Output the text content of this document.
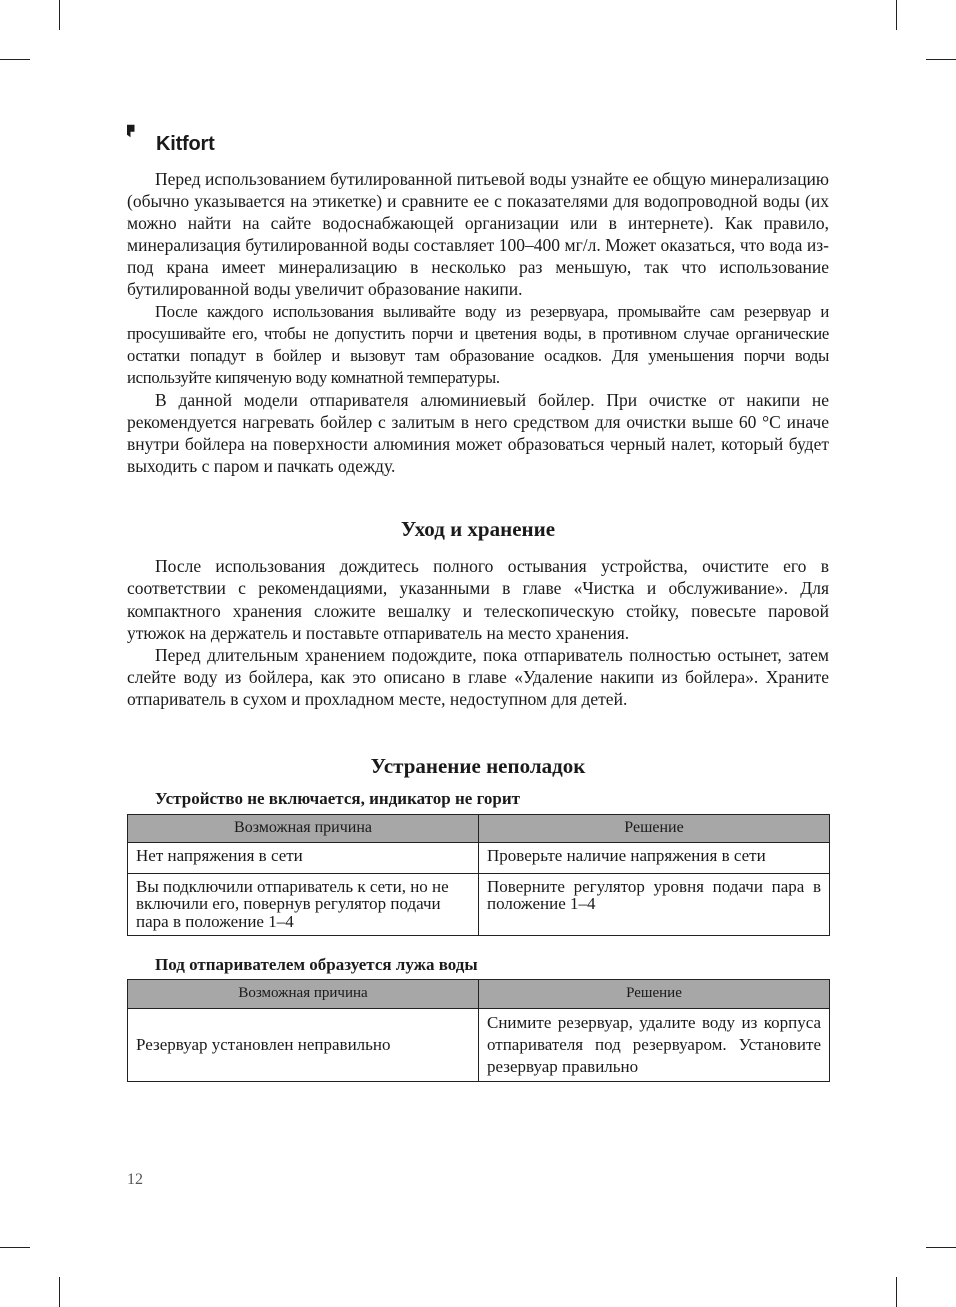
Kitfort

Перед использованием бутилированной питьевой воды узнайте ее общую минерализацию (обычно указывается на этикетке) и сравните ее с показателями для водопроводной воды (их можно найти на сайте водоснабжающей организации или в интернете). Как правило, минерализация бутилированной воды составляет 100–400 мг/л. Может оказаться, что вода из-под крана имеет минерализацию в несколько раз меньшую, так что использование бутилированной воды увеличит образование накипи.

После каждого использования выливайте воду из резервуара, промывайте сам резервуар и просушивайте его, чтобы не допустить порчи и цветения воды, в противном случае органические остатки попадут в бойлер и вызовут там образование осадков. Для уменьшения порчи воды используйте кипяченую воду комнатной температуры.

В данной модели отпаривателя алюминиевый бойлер. При очистке от накипи не рекомендуется нагревать бойлер с залитым в него средством для очистки выше 60 °C иначе внутри бойлера на поверхности алюминия может образоваться черный налет, который будет выходить с паром и пачкать одежду.

Уход и хранение

После использования дождитесь полного остывания устройства, очистите его в соответствии с рекомендациями, указанными в главе «Чистка и обслуживание». Для компактного хранения сложите вешалку и телескопическую стойку, повесьте паровой утюжок на держатель и поставьте отпариватель на место хранения.

Перед длительным хранением подождите, пока отпариватель полностью остынет, затем слейте воду из бойлера, как это описано в главе «Удаление накипи из бойлера». Храните отпариватель в сухом и прохладном месте, недоступном для детей.

Устранение неполадок
Устройство не включается, индикатор не горит
Возможная причина	Решение
Нет напряжения в сети	Проверьте наличие напряжения в сети
Вы подключили отпариватель к сети, но не включили его, повернув регулятор подачи пара в положение 1–4	Поверните регулятор уровня подачи пара в положение 1–4
Под отпаривателем образуется лужа воды
Возможная причина	Решение
Резервуар установлен неправильно	Снимите резервуар, удалите воду из корпуса отпаривателя под резервуаром. Установите резервуар правильно
12
